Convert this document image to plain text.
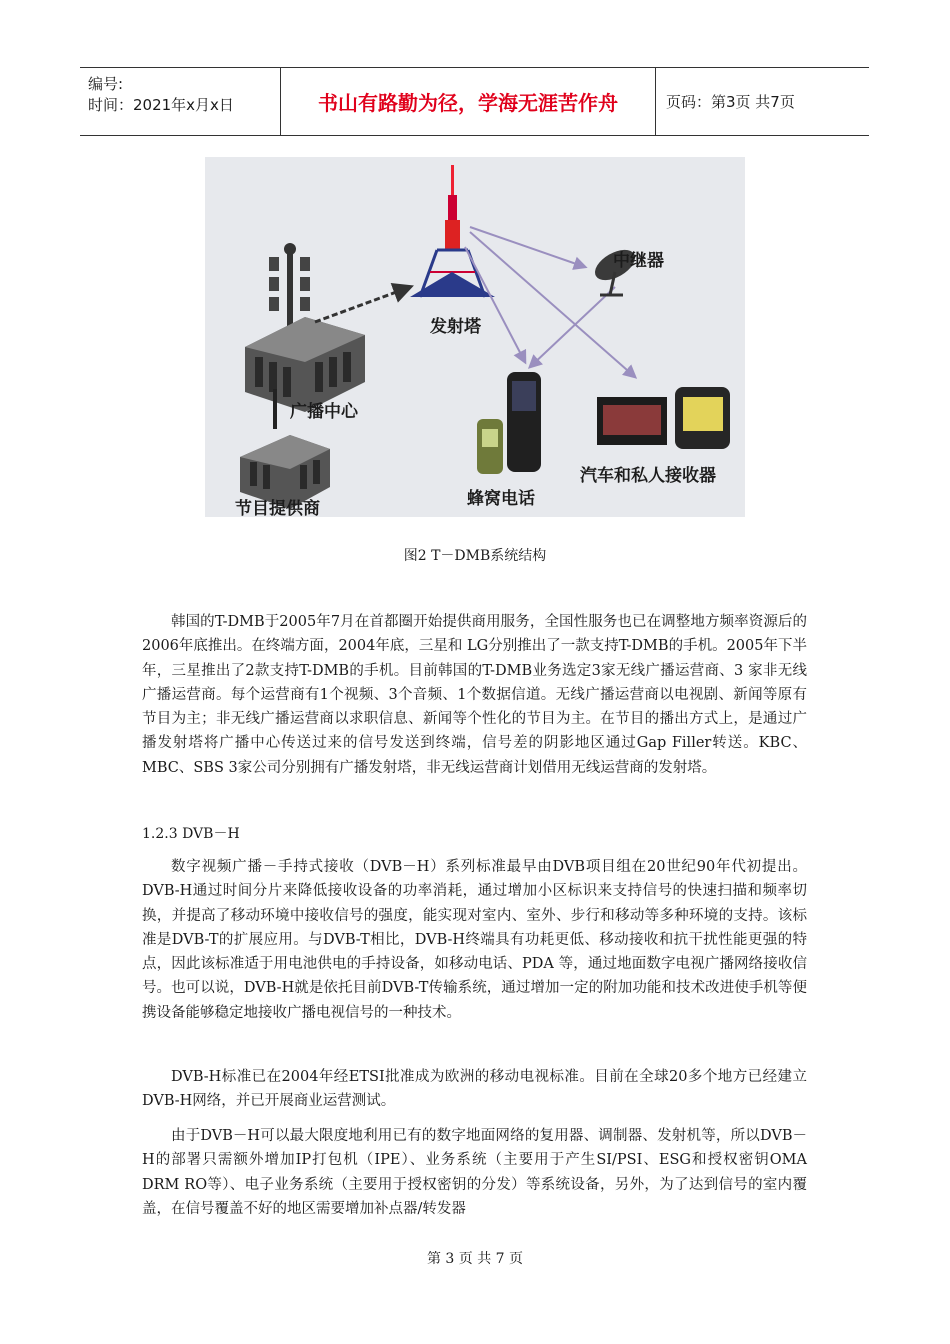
编号:
时间：2021年x月x日	书山有路勤为径，学海无涯苦作舟	页码：第3页 共7页
中继器
发射塔
广播中心
节目提供商	蜂窝电话
汽车和私人接收器
图2 T－DMB系统结构

韩国的T-DMB于2005年7月在首都圈开始提供商用服务，全国性服务也已在调整地方频率资源后的2006年底推出。在终端方面，2004年底，三星和 LG分别推出了一款支持T-DMB的手机。2005年下半年，三星推出了2款支持T-DMB的手机。目前韩国的T-DMB业务选定3家无线广播运营商、3 家非无线广播运营商。每个运营商有1个视频、3个音频、1个数据信道。无线广播运营商以电视剧、新闻等原有节目为主；非无线广播运营商以求职信息、新闻等个性化的节目为主。在节目的播出方式上，是通过广播发射塔将广播中心传送过来的信号发送到终端，信号差的阴影地区通过Gap Filler转送。KBC、MBC、SBS 3家公司分别拥有广播发射塔，非无线运营商计划借用无线运营商的发射塔。

1.2.3 DVB－H

数字视频广播－手持式接收（DVB－H）系列标准最早由DVB项目组在20世纪90年代初提出。DVB-H通过时间分片来降低接收设备的功率消耗，通过增加小区标识来支持信号的快速扫描和频率切换，并提高了移动环境中接收信号的强度，能实现对室内、室外、步行和移动等多种环境的支持。该标准是DVB-T的扩展应用。与DVB-T相比，DVB-H终端具有功耗更低、移动接收和抗干扰性能更强的特点，因此该标准适于用电池供电的手持设备，如移动电话、PDA 等，通过地面数字电视广播网络接收信号。也可以说，DVB-H就是依托目前DVB-T传输系统，通过增加一定的附加功能和技术改进使手机等便携设备能够稳定地接收广播电视信号的一种技术。

DVB-H标准已在2004年经ETSI批准成为欧洲的移动电视标准。目前在全球20多个地方已经建立DVB-H网络，并已开展商业运营测试。

由于DVB－H可以最大限度地利用已有的数字地面网络的复用器、调制器、发射机等，所以DVB－H的部署只需额外增加IP打包机（IPE）、业务系统（主要用于产生SI/PSI、ESG和授权密钥OMA DRM RO等）、电子业务系统（主要用于授权密钥的分发）等系统设备，另外，为了达到信号的室内覆盖，在信号覆盖不好的地区需要增加补点器/转发器

第 3 页 共 7 页
